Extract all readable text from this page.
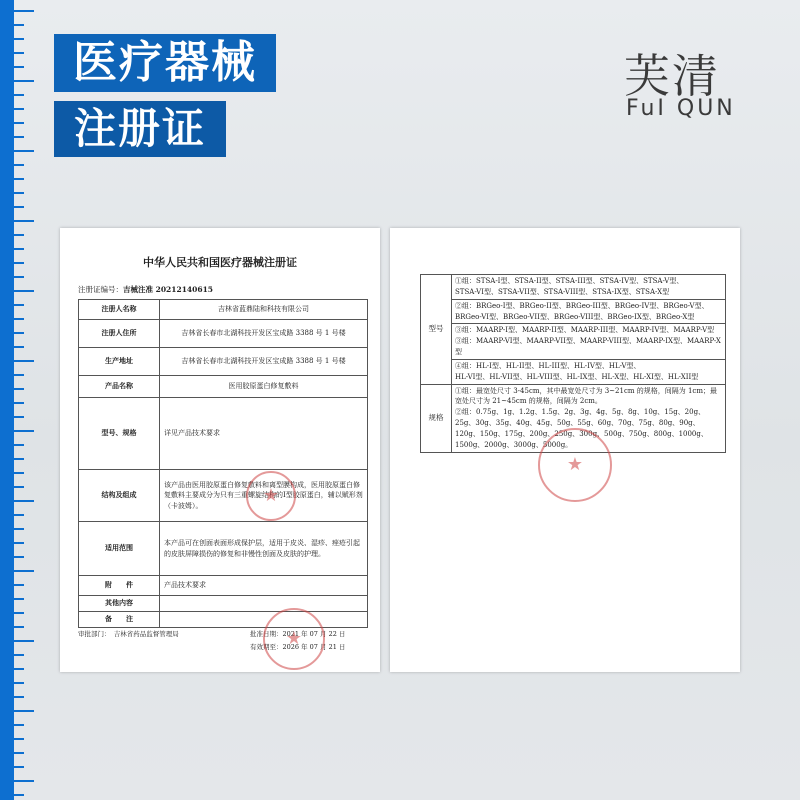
医疗器械
注册证
芙清
FuI QUN
中华人民共和国医疗器械注册证
注册证编号：吉械注准 20212140615
注册人名称	吉林省蓝鼎陆和科技有限公司
注册人住所	吉林省长春市北湖科技开发区宝成路 3388 号 1 号楼
生产地址	吉林省长春市北湖科技开发区宝成路 3388 号 1 号楼
产品名称	医用胶原蛋白修复敷料
型号、规格	详见产品技术要求
结构及组成	该产品由医用胶原蛋白修复敷料和离型膜构成，医用胶原蛋白修复敷料主要成分为只有三重螺旋结构的Ⅰ型胶原蛋白，辅以赋形剂（卡波姆）。
适用范围	本产品可在创面表面形成保护层，适用于皮炎、湿疹、痤疮引起的皮肤屏障损伤的修复和非慢性创面及皮肤的护理。
附　　件	产品技术要求
其他内容	
备　　注	
审批部门：　吉林省药品监督管理局	批准日期：2021 年 07 月 22 日
有效期至：2026 年 07 月 21 日
★
★
型号	①组：STSA-I型、STSA-II型、STSA-III型、STSA-IV型、STSA-V型、
STSA-VI型、STSA-VII型、STSA-VIII型、STSA-IX型、STSA-X型

	②组：BRGeo-I型、BRGeo-II型、BRGeo-III型、BRGeo-IV型、BRGeo-V型、
BRGeo-VI型、BRGeo-VII型、BRGeo-VIII型、BRGeo-IX型、BRGeo-X型

	③组：MAARP-I型、MAARP-II型、MAARP-III型、MAARP-IV型、MAARP-V型
③组：MAARP-VI型、MAARP-VII型、MAARP-VIII型、MAARP-IX型、MAARP-X型

	④组：HL-I型、HL-II型、HL-III型、HL-IV型、HL-V型、
HL-VI型、HL-VII型、HL-VIII型、HL-IX型、HL-X型、HL-XI型、HL-XII型

规格	①组：最宽处尺寸 3-45cm，其中最宽处尺寸为 3~21cm 的规格，间隔为 1cm；最宽处尺寸为 21~45cm 的规格，间隔为 2cm。
②组：0.75g、1g、1.2g、1.5g、2g、3g、4g、5g、8g、10g、15g、20g、25g、30g、35g、40g、45g、50g、55g、60g、70g、75g、80g、90g、120g、150g、175g、200g、250g、300g、500g、750g、800g、1000g、1500g、2000g、3000g、5000g。
★
